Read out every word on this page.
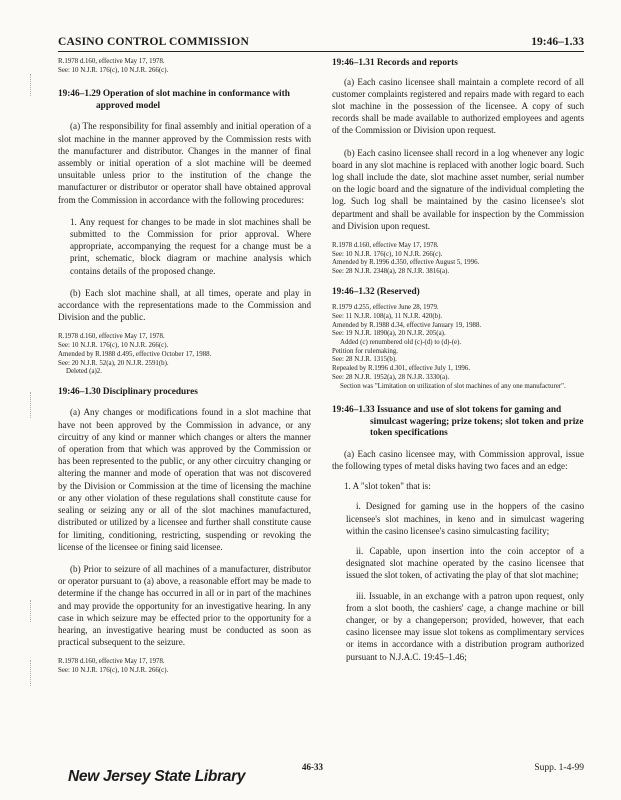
CASINO CONTROL COMMISSION	19:46–1.33
R.1978 d.160, effective May 17, 1978.
See: 10 N.J.R. 176(c), 10 N.J.R. 266(c).
19:46–1.29 Operation of slot machine in conformance with approved model

(a) The responsibility for final assembly and initial operation of a slot machine in the manner approved by the Commission rests with the manufacturer and distributor. Changes in the manner of final assembly or initial operation of a slot machine will be deemed unsuitable unless prior to the institution of the change the manufacturer or distributor or operator shall have obtained approval from the Commission in accordance with the following procedures:

1. Any request for changes to be made in slot machines shall be submitted to the Commission for prior approval. Where appropriate, accompanying the request for a change must be a print, schematic, block diagram or machine analysis which contains details of the proposed change.

(b) Each slot machine shall, at all times, operate and play in accordance with the representations made to the Commission and Division and the public.

R.1978 d.160, effective May 17, 1978.
See: 10 N.J.R. 176(c), 10 N.J.R. 266(c).
Amended by R.1988 d.495, effective October 17, 1988.
See: 20 N.J.R. 52(a), 20 N.J.R. 2591(b).
Deleted (a)2.
19:46–1.30 Disciplinary procedures

(a) Any changes or modifications found in a slot machine that have not been approved by the Commission in advance, or any circuitry of any kind or manner which changes or alters the manner of operation from that which was approved by the Commission or has been represented to the public, or any other circuitry changing or altering the manner and mode of operation that was not discovered by the Division or Commission at the time of licensing the machine or any other violation of these regulations shall constitute cause for sealing or seizing any or all of the slot machines manufactured, distributed or utilized by a licensee and further shall constitute cause for limiting, conditioning, restricting, suspending or revoking the license of the licensee or fining said licensee.

(b) Prior to seizure of all machines of a manufacturer, distributor or operator pursuant to (a) above, a reasonable effort may be made to determine if the change has occurred in all or in part of the machines and may provide the opportunity for an investigative hearing. In any case in which seizure may be effected prior to the opportunity for a hearing, an investigative hearing must be conducted as soon as practical subsequent to the seizure.

R.1978 d.160, effective May 17, 1978.
See: 10 N.J.R. 176(c), 10 N.J.R. 266(c).
19:46–1.31 Records and reports

(a) Each casino licensee shall maintain a complete record of all customer complaints registered and repairs made with regard to each slot machine in the possession of the licensee. A copy of such records shall be made available to authorized employees and agents of the Commission or Division upon request.

(b) Each casino licensee shall record in a log whenever any logic board in any slot machine is replaced with another logic board. Such log shall include the date, slot machine asset number, serial number on the logic board and the signature of the individual completing the log. Such log shall be maintained by the casino licensee's slot department and shall be available for inspection by the Commission and Division upon request.

R.1978 d.160, effective May 17, 1978.
See: 10 N.J.R. 176(c), 10 N.J.R. 266(c).
Amended by R.1996 d.350, effective August 5, 1996.
See: 28 N.J.R. 2348(a), 28 N.J.R. 3816(a).
19:46–1.32 (Reserved)
R.1979 d.255, effective June 28, 1979.
See: 11 N.J.R. 108(a), 11 N.J.R. 420(b).
Amended by R.1988 d.34, effective January 19, 1988.
See: 19 N.J.R. 1890(a), 20 N.J.R. 205(a).
Added (c) renumbered old (c)-(d) to (d)-(e).
Petition for rulemaking.
See: 28 N.J.R. 1315(b).
Repealed by R.1996 d.301, effective July 1, 1996.
See: 28 N.J.R. 1952(a), 28 N.J.R. 3330(a).
Section was "Limitation on utilization of slot machines of any one manufacturer".
19:46–1.33 Issuance and use of slot tokens for gaming and simulcast wagering; prize tokens; slot token and prize token specifications

(a) Each casino licensee may, with Commission approval, issue the following types of metal disks having two faces and an edge:

1. A "slot token" that is:

i. Designed for gaming use in the hoppers of the casino licensee's slot machines, in keno and in simulcast wagering within the casino licensee's casino simulcasting facility;

ii. Capable, upon insertion into the coin acceptor of a designated slot machine operated by the casino licensee that issued the slot token, of activating the play of that slot machine;

iii. Issuable, in an exchange with a patron upon request, only from a slot booth, the cashiers' cage, a change machine or bill changer, or by a changeperson; provided, however, that each casino licensee may issue slot tokens as complimentary services or items in accordance with a distribution program authorized pursuant to N.J.A.C. 19:45–1.46;

New Jersey State Library
46-33	Supp. 1-4-99
